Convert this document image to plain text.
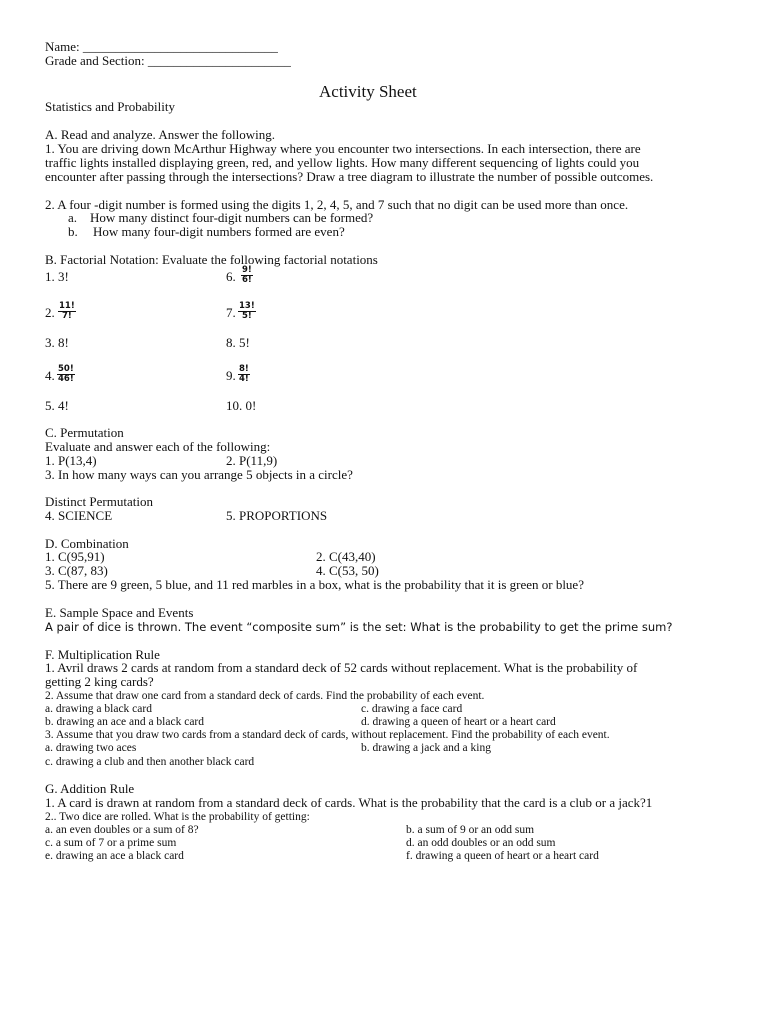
Name: ______________________________
Grade and Section: ______________________
Activity Sheet
Statistics and Probability
A. Read and analyze. Answer the following.
1. You are driving down McArthur Highway where you encounter two intersections. In each intersection, there are
traffic lights installed displaying green, red, and yellow lights. How many different sequencing of lights could you
encounter after passing through the intersections? Draw a tree diagram to illustrate the number of possible outcomes.
2. A four -digit number is formed using the digits 1, 2, 4, 5, and 7 such that no digit can be used more than once.
a. How many distinct four-digit numbers can be formed?
b. How many four-digit numbers formed are even?
B. Factorial Notation: Evaluate the following factorial notations
1. 3!	6. $\frac{9!}{6!}$
2. $\frac{11!}{7!}$	7. $\frac{13!}{5!}$
3. 8!	8. 5!
4. $\frac{50!}{46!}$	9. $\frac{8!}{4!}$
5. 4!	10. 0!
C. Permutation
Evaluate and answer each of the following:
1. P(13,4)	2. P(11,9)
3. In how many ways can you arrange 5 objects in a circle?
Distinct Permutation
4. SCIENCE	5. PROPORTIONS
D. Combination
1. C(95,91)	2. C(43,40)
3. C(87, 83)	4. C(53, 50)
5. There are 9 green, 5 blue, and 11 red marbles in a box, what is the probability that it is green or blue?
E. Sample Space and Events
A pair of dice is thrown. The event “composite sum” is the set: What is the probability to get the prime sum?
F. Multiplication Rule
1. Avril draws 2 cards at random from a standard deck of 52 cards without replacement. What is the probability of
getting 2 king cards?
2. Assume that draw one card from a standard deck of cards. Find the probability of each event.
a. drawing a black card	c. drawing a face card
b. drawing an ace and a black card	d. drawing a queen of heart or a heart card
3. Assume that you draw two cards from a standard deck of cards, without replacement. Find the probability of each event.
a. drawing two aces	b. drawing a jack and a king
c. drawing a club and then another black card
G. Addition Rule
1. A card is drawn at random from a standard deck of cards. What is the probability that the card is a club or a jack?1
2.. Two dice are rolled. What is the probability of getting:
a. an even doubles or a sum of 8?	b. a sum of 9 or an odd sum
c. a sum of 7 or a prime sum	d. an odd doubles or an odd sum
e. drawing an ace a black card	f. drawing a queen of heart or a heart card
